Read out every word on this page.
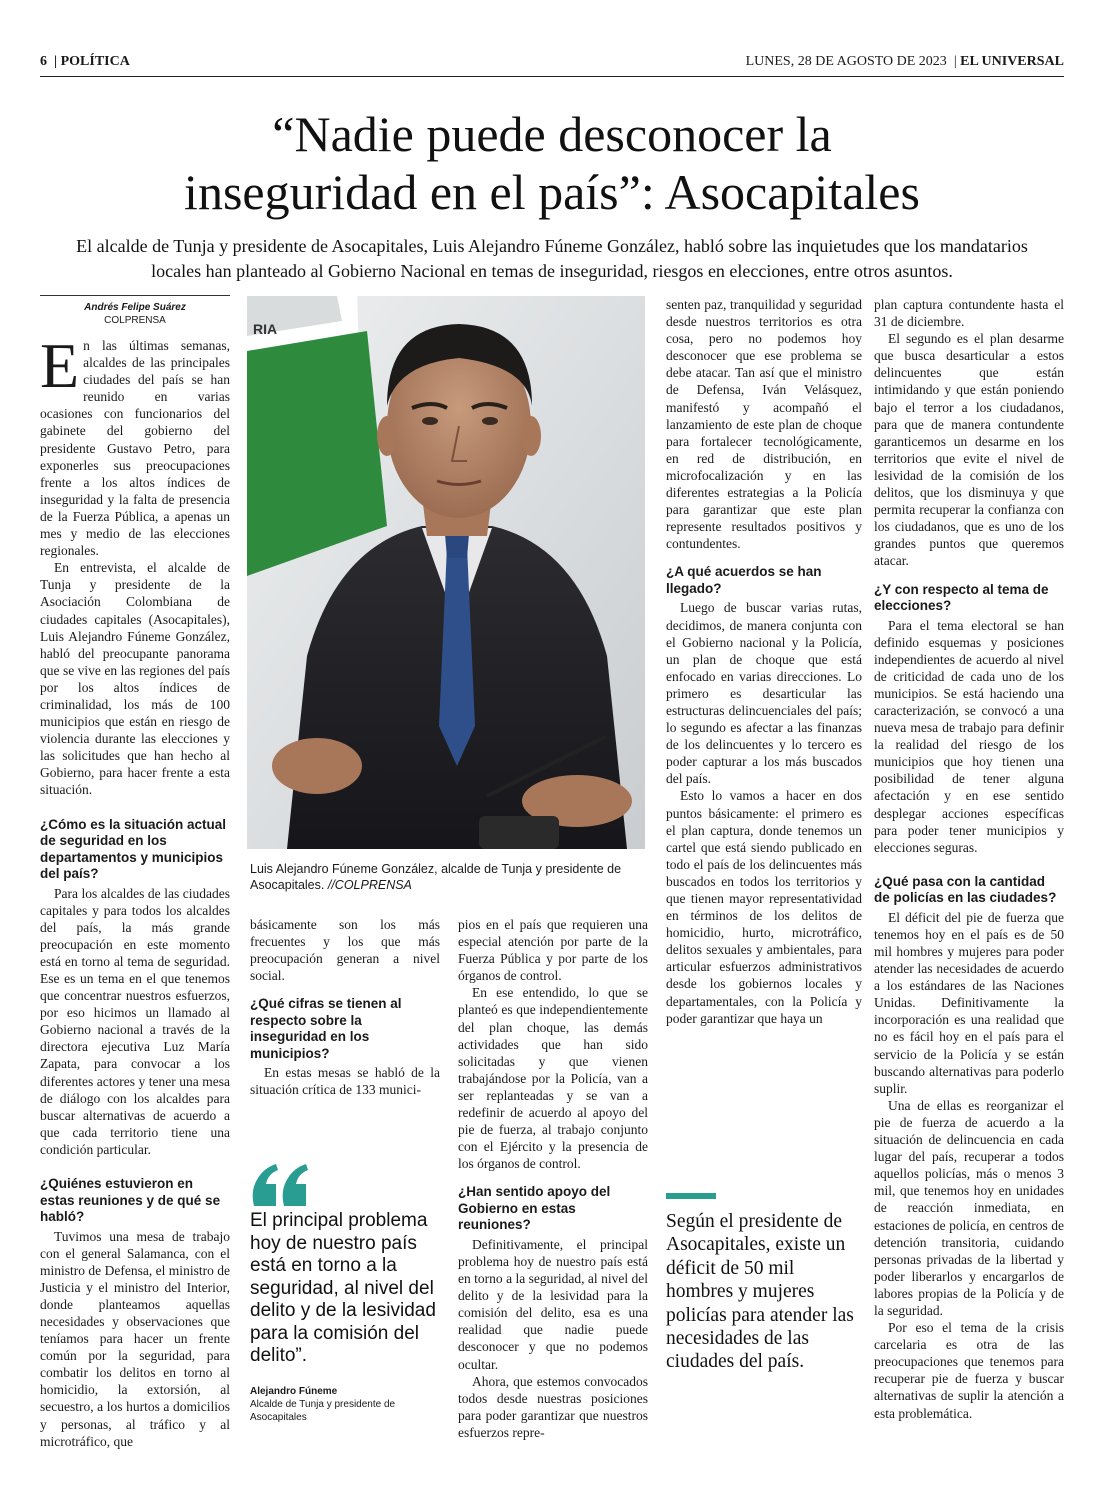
6  | POLÍTICA	LUNES, 28 DE AGOSTO DE 2023  | EL UNIVERSAL
“Nadie puede desconocer la
inseguridad en el país”: Asocapitales

El alcalde de Tunja y presidente de Asocapitales, Luis Alejandro Fúneme González, habló sobre las inquietudes que los mandatarios locales han planteado al Gobierno Nacional en temas de inseguridad, riesgos en elecciones, entre otros asuntos.

Andrés Felipe Suárez
COLPRENSA

En las últimas semanas, alcaldes de las principales ciudades del país se han reunido en varias ocasiones con funcionarios del gabinete del gobierno del presidente Gustavo Petro, para exponerles sus preocupaciones frente a los altos índices de inseguridad y la falta de presencia de la Fuerza Pública, a apenas un mes y medio de las elecciones regionales.

En entrevista, el alcalde de Tunja y presidente de la Asociación Colombiana de ciudades capitales (Asocapitales), Luis Alejandro Fúneme González, habló del preocupante panorama que se vive en las regiones del país por los altos índices de criminalidad, los más de 100 municipios que están en riesgo de violencia durante las elecciones y las solicitudes que han hecho al Gobierno, para hacer frente a esta situación.

¿Cómo es la situación actual de seguridad en los departamentos y municipios del país?

Para los alcaldes de las ciudades capitales y para todos los alcaldes del país, la más grande preocupación en este momento está en torno al tema de seguridad. Ese es un tema en el que tenemos que concentrar nuestros esfuerzos, por eso hicimos un llamado al Gobierno nacional a través de la directora ejecutiva Luz María Zapata, para convocar a los diferentes actores y tener una mesa de diálogo con los alcaldes para buscar alternativas de acuerdo a que cada territorio tiene una condición particular.

¿Quiénes estuvieron en estas reuniones y de qué se habló?

Tuvimos una mesa de trabajo con el general Salamanca, con el ministro de Defensa, el ministro de Justicia y el ministro del Interior, donde planteamos aquellas necesidades y observaciones que teníamos para hacer un frente común por la seguridad, para combatir los delitos en torno al homicidio, la extorsión, al secuestro, a los hurtos a domicilios y personas, al tráfico y al microtráfico, que

RIA
Luis Alejandro Fúneme González, alcalde de Tunja y presidente de Asocapitales. //COLPRENSA

básicamente son los más frecuentes y los que más preocupación generan a nivel social.

¿Qué cifras se tienen al respecto sobre la inseguridad en los municipios?

En estas mesas se habló de la situación crítica de 133 munici-

El principal problema hoy de nuestro país está en torno a la seguridad, al nivel del delito y de la lesividad para la comisión del delito”.
Alejandro Fúneme
Alcalde de Tunja y presidente de Asocapitales

pios en el país que requieren una especial atención por parte de la Fuerza Pública y por parte de los órganos de control.

En ese entendido, lo que se planteó es que independientemente del plan choque, las demás actividades que han sido solicitadas y que vienen trabajándose por la Policía, van a ser replanteadas y se van a redefinir de acuerdo al apoyo del pie de fuerza, al trabajo conjunto con el Ejército y la presencia de los órganos de control.

¿Han sentido apoyo del Gobierno en estas reuniones?

Definitivamente, el principal problema hoy de nuestro país está en torno a la seguridad, al nivel del delito y de la lesividad para la comisión del delito, esa es una realidad que nadie puede desconocer y que no podemos ocultar.

Ahora, que estemos convocados todos desde nuestras posiciones para poder garantizar que nuestros esfuerzos repre-

senten paz, tranquilidad y seguridad desde nuestros territorios es otra cosa, pero no podemos hoy desconocer que ese problema se debe atacar. Tan así que el ministro de Defensa, Iván Velásquez, manifestó y acompañó el lanzamiento de este plan de choque para fortalecer tecnológicamente, en red de distribución, en microfocalización y en las diferentes estrategias a la Policía para garantizar que este plan represente resultados positivos y contundentes.

¿A qué acuerdos se han llegado?

Luego de buscar varias rutas, decidimos, de manera conjunta con el Gobierno nacional y la Policía, un plan de choque que está enfocado en varias direcciones. Lo primero es desarticular las estructuras delincuenciales del país; lo segundo es afectar a las finanzas de los delincuentes y lo tercero es poder capturar a los más buscados del país.

Esto lo vamos a hacer en dos puntos básicamente: el primero es el plan captura, donde tenemos un cartel que está siendo publicado en todo el país de los delincuentes más buscados en todos los territorios y que tienen mayor representatividad en términos de los delitos de homicidio, hurto, microtráfico, delitos sexuales y ambientales, para articular esfuerzos administrativos desde los gobiernos locales y departamentales, con la Policía y poder garantizar que haya un

Según el presidente de Asocapitales, existe un déficit de 50 mil hombres y mujeres policías para atender las necesidades de las ciudades del país.

plan captura contundente hasta el 31 de diciembre.

El segundo es el plan desarme que busca desarticular a estos delincuentes que están intimidando y que están poniendo bajo el terror a los ciudadanos, para que de manera contundente garanticemos un desarme en los territorios que evite el nivel de lesividad de la comisión de los delitos, que los disminuya y que permita recuperar la confianza con los ciudadanos, que es uno de los grandes puntos que queremos atacar.

¿Y con respecto al tema de elecciones?

Para el tema electoral se han definido esquemas y posiciones independientes de acuerdo al nivel de criticidad de cada uno de los municipios. Se está haciendo una caracterización, se convocó a una nueva mesa de trabajo para definir la realidad del riesgo de los municipios que hoy tienen una posibilidad de tener alguna afectación y en ese sentido desplegar acciones específicas para poder tener municipios y elecciones seguras.

¿Qué pasa con la cantidad de policías en las ciudades?

El déficit del pie de fuerza que tenemos hoy en el país es de 50 mil hombres y mujeres para poder atender las necesidades de acuerdo a los estándares de las Naciones Unidas. Definitivamente la incorporación es una realidad que no es fácil hoy en el país para el servicio de la Policía y se están buscando alternativas para poderlo suplir.

Una de ellas es reorganizar el pie de fuerza de acuerdo a la situación de delincuencia en cada lugar del país, recuperar a todos aquellos policías, más o menos 3 mil, que tenemos hoy en unidades de reacción inmediata, en estaciones de policía, en centros de detención transitoria, cuidando personas privadas de la libertad y poder liberarlos y encargarlos de labores propias de la Policía y de la seguridad.

Por eso el tema de la crisis carcelaria es otra de las preocupaciones que tenemos para recuperar pie de fuerza y buscar alternativas de suplir la atención a esta problemática.
